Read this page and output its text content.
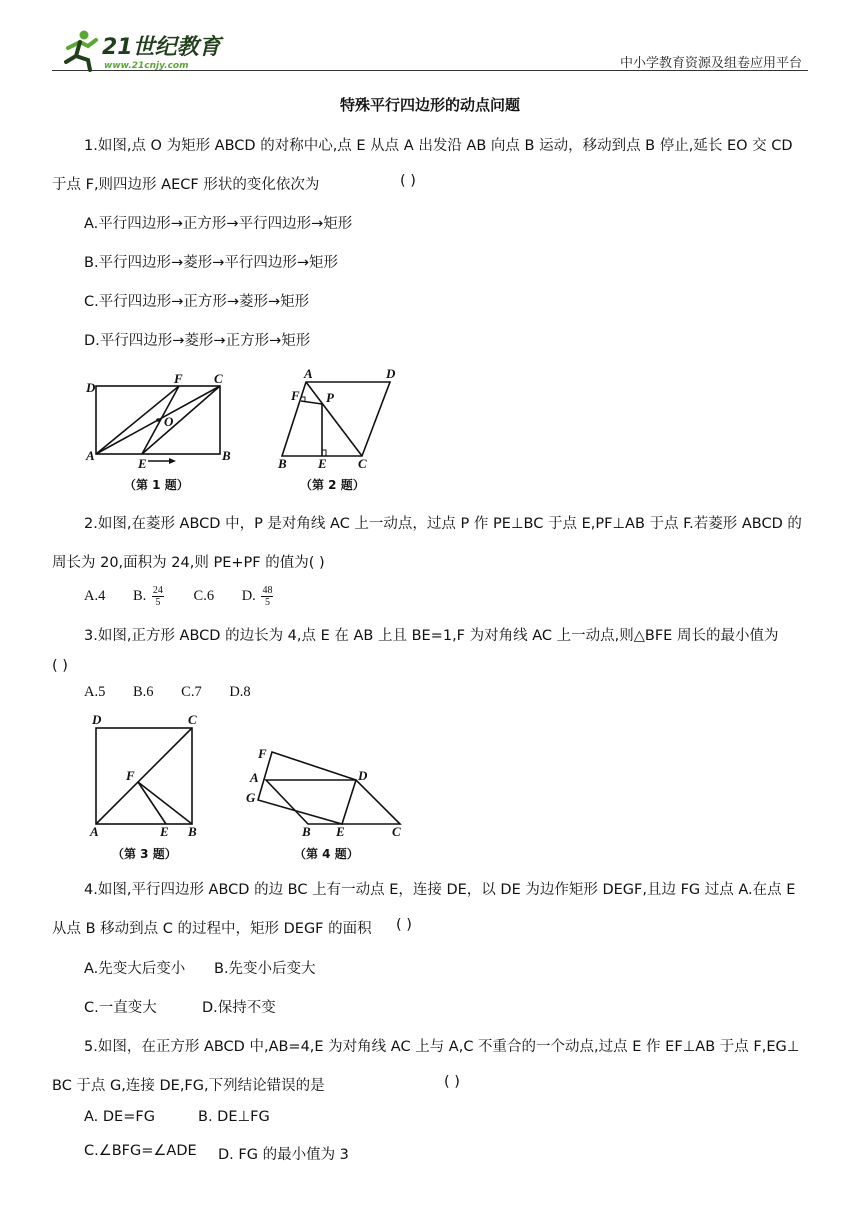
21世纪教育
www.21cnjy.com	中小学教育资源及组卷应用平台
特殊平行四边形的动点问题
1.如图,点 O 为矩形 ABCD 的对称中心,点 E 从点 A 出发沿 AB 向点 B 运动，移动到点 B 停止,延长 EO 交 CD
于点 F,则四边形 AECF 形状的变化依次为	( )
A.平行四边形→正方形→平行四边形→矩形
B.平行四边形→菱形→平行四边形→矩形
C.平行四边形→正方形→菱形→矩形
D.平行四边形→菱形→正方形→矩形
D
F C
O
A
E
B
（第 1 题）
A	D
F P
B E C
（第 2 题）
2.如图,在菱形 ABCD 中，P 是对角线 AC 上一动点，过点 P 作 PE⊥BC 于点 E,PF⊥AB 于点 F.若菱形 ABCD 的
周长为 20,面积为 24,则 PE+PF 的值为( )
A.4 B. $\frac{24}{5} C.6$ D. $\frac{48}{5}$
3.如图,正方形 ABCD 的边长为 4,点 E 在 AB 上且 BE=1,F 为对角线 AC 上一动点,则△BFE 周长的最小值为
( )
A.5 B.6 C.7 D.8
D	C
F
A	E B
（第 3 题）
F
A
G
D
B E	C
（第 4 题）
4.如图,平行四边形 ABCD 的边 BC 上有一动点 E，连接 DE，以 DE 为边作矩形 DEGF,且边 FG 过点 A.在点 E
从点 B 移动到点 C 的过程中，矩形 DEGF 的面积 ( )
A.先变大后变小 B.先变小后变大
C.一直变大	D.保持不变
5.如图，在正方形 ABCD 中,AB=4,E 为对角线 AC 上与 A,C 不重合的一个动点,过点 E 作 EF⊥AB 于点 F,EG⊥
BC 于点 G,连接 DE,FG,下列结论错误的是	( )
A. DE=FG	B. DE⊥FG
C.∠BFG=∠ADE D. FG 的最小值为 3
